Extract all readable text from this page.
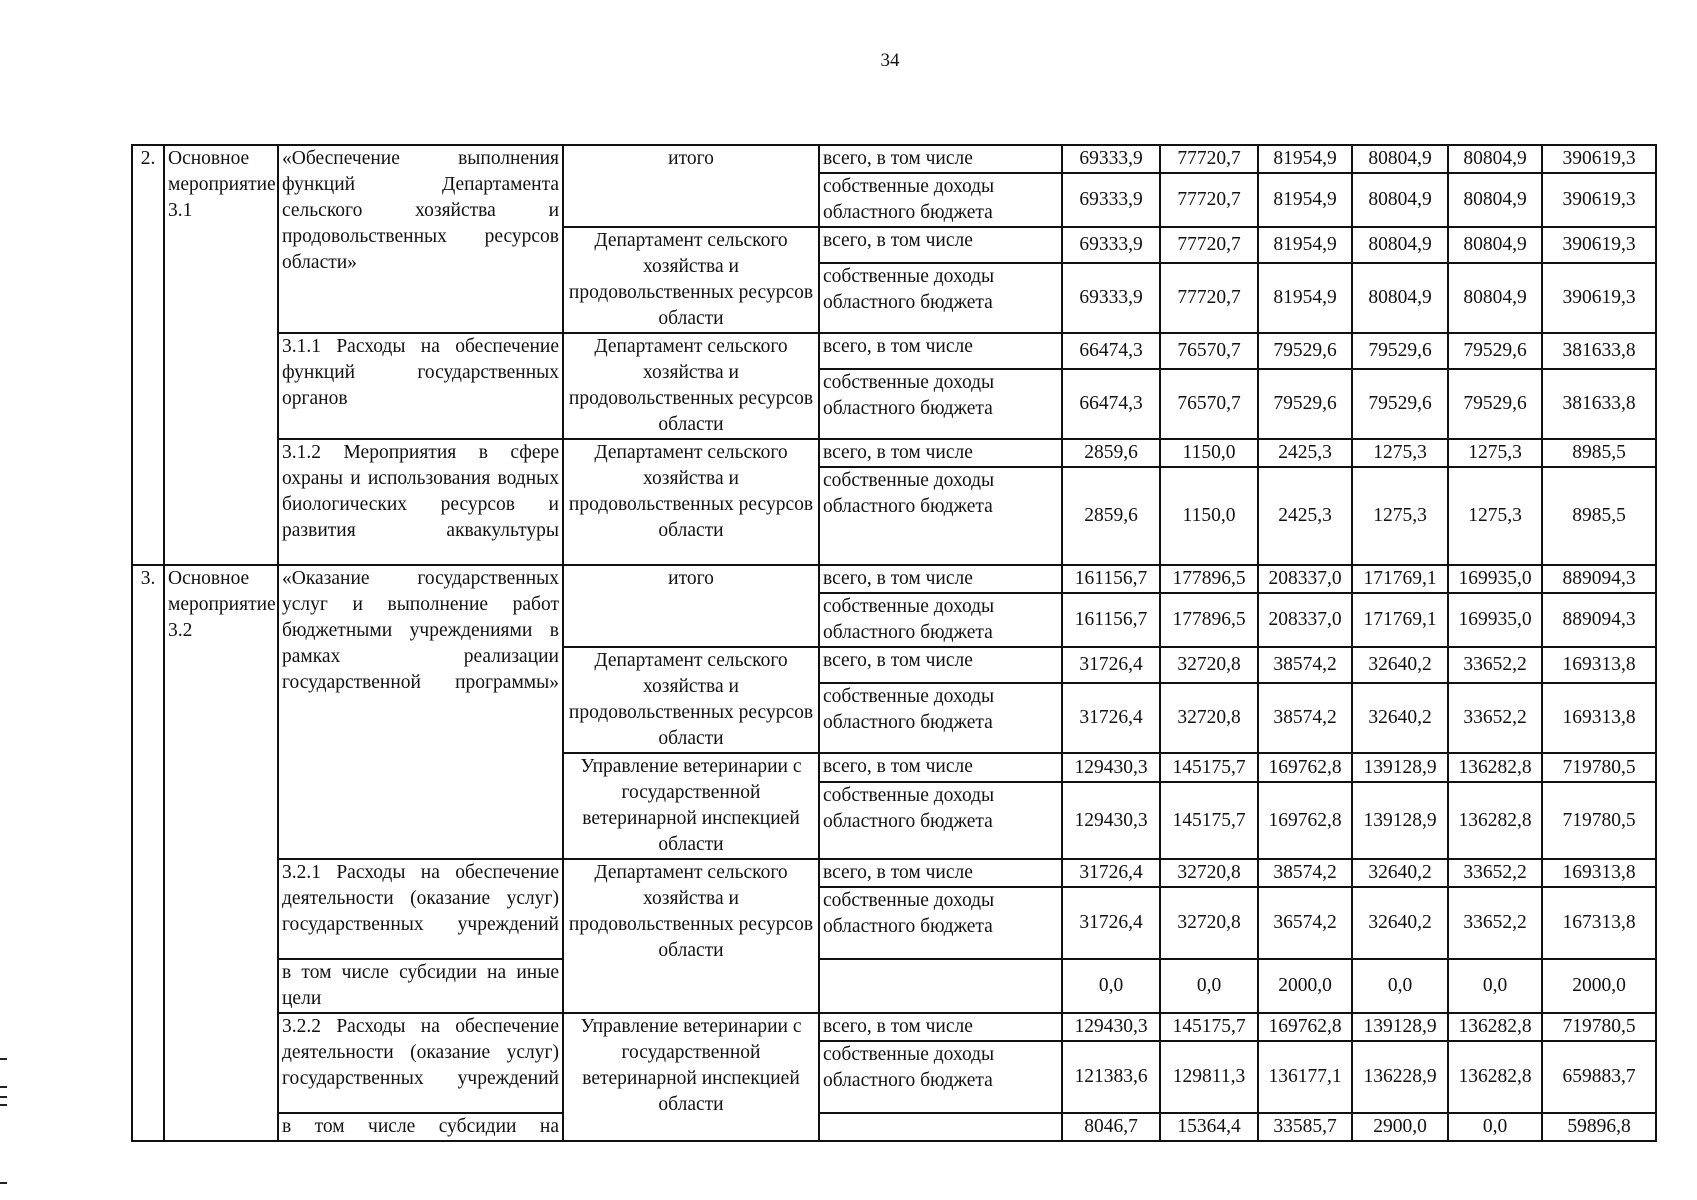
34
2.	Основное мероприятие 3.1	«Обеспечение выполнения функций Департамента сельского хозяйства и продовольственных ресурсов области»	итого	всего, в том числе	69333,9	77720,7	81954,9	80804,9	80804,9	390619,3
				собственные доходы областного бюджета	69333,9	77720,7	81954,9	80804,9	80804,9	390619,3
			Департамент сельского хозяйства и продовольственных ресурсов области	всего, в том числе	69333,9	77720,7	81954,9	80804,9	80804,9	390619,3
				собственные доходы областного бюджета	69333,9	77720,7	81954,9	80804,9	80804,9	390619,3
		3.1.1 Расходы на обеспечение функций государственных органов	Департамент сельского хозяйства и продовольственных ресурсов области	всего, в том числе	66474,3	76570,7	79529,6	79529,6	79529,6	381633,8
				собственные доходы областного бюджета	66474,3	76570,7	79529,6	79529,6	79529,6	381633,8
		3.1.2 Мероприятия в сфере охраны и использования водных биологических ресурсов и развития аквакультуры	Департамент сельского хозяйства и продовольственных ресурсов области	всего, в том числе	2859,6	1150,0	2425,3	1275,3	1275,3	8985,5
				собственные доходы областного бюджета	2859,6	1150,0	2425,3	1275,3	1275,3	8985,5
3.	Основное мероприятие 3.2	«Оказание государственных услуг и выполнение работ бюджетными учреждениями в рамках реализации государственной программы»	итого	всего, в том числе	161156,7	177896,5	208337,0	171769,1	169935,0	889094,3
				собственные доходы областного бюджета	161156,7	177896,5	208337,0	171769,1	169935,0	889094,3
			Департамент сельского хозяйства и продовольственных ресурсов области	всего, в том числе	31726,4	32720,8	38574,2	32640,2	33652,2	169313,8
				собственные доходы областного бюджета	31726,4	32720,8	38574,2	32640,2	33652,2	169313,8
			Управление ветеринарии с государственной ветеринарной инспекцией области	всего, в том числе	129430,3	145175,7	169762,8	139128,9	136282,8	719780,5
				собственные доходы областного бюджета	129430,3	145175,7	169762,8	139128,9	136282,8	719780,5
		3.2.1 Расходы на обеспечение деятельности (оказание услуг) государственных учреждений	Департамент сельского хозяйства и продовольственных ресурсов области	всего, в том числе	31726,4	32720,8	38574,2	32640,2	33652,2	169313,8
				собственные доходы областного бюджета	31726,4	32720,8	36574,2	32640,2	33652,2	167313,8
		в том числе субсидии на иные цели			0,0	0,0	2000,0	0,0	0,0	2000,0
		3.2.2 Расходы на обеспечение деятельности (оказание услуг) государственных учреждений	Управление ветеринарии с государственной ветеринарной инспекцией области	всего, в том числе	129430,3	145175,7	169762,8	139128,9	136282,8	719780,5
				собственные доходы областного бюджета	121383,6	129811,3	136177,1	136228,9	136282,8	659883,7
		в том числе субсидии на			8046,7	15364,4	33585,7	2900,0	0,0	59896,8
